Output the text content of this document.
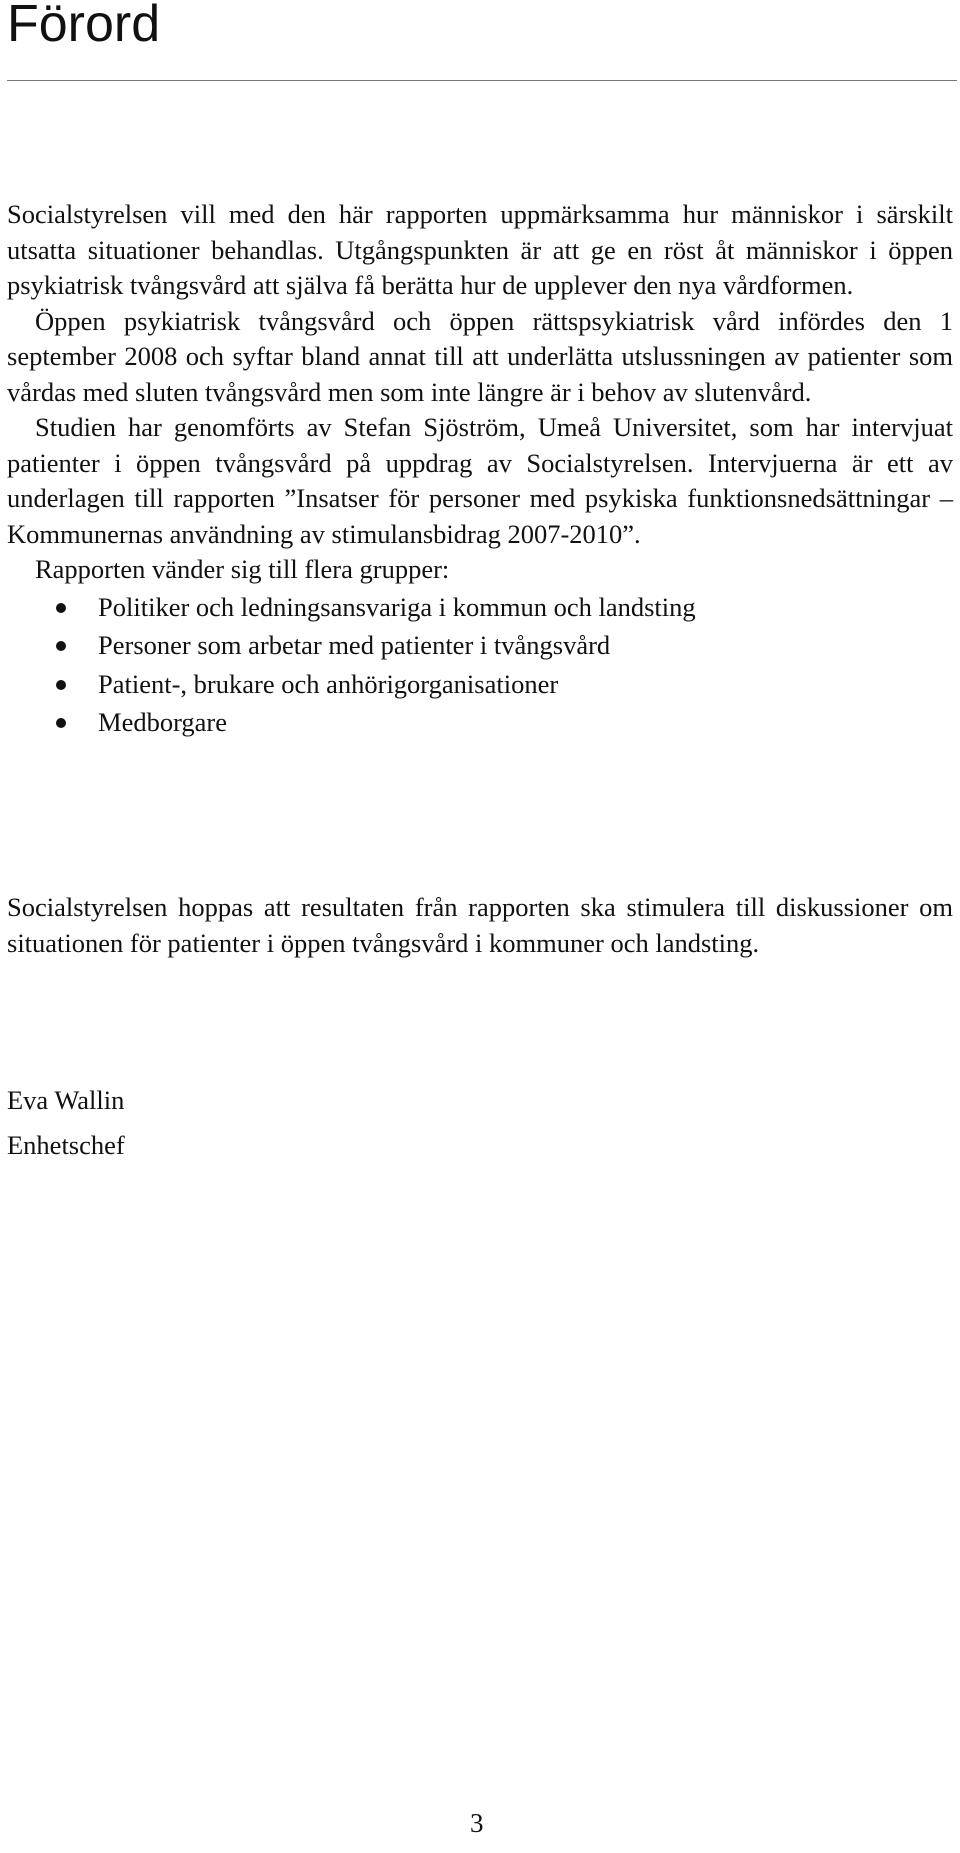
Förord

Socialstyrelsen vill med den här rapporten uppmärksamma hur människor i särskilt utsatta situationer behandlas. Utgångspunkten är att ge en röst åt människor i öppen psykiatrisk tvångsvård att själva få berätta hur de upplever den nya vårdformen.

Öppen psykiatrisk tvångsvård och öppen rättspsykiatrisk vård infördes den 1 september 2008 och syftar bland annat till att underlätta utslussningen av patienter som vårdas med sluten tvångsvård men som inte längre är i behov av slutenvård.

Studien har genomförts av Stefan Sjöström, Umeå Universitet, som har intervjuat patienter i öppen tvångsvård på uppdrag av Socialstyrelsen. Intervjuerna är ett av underlagen till rapporten ”Insatser för personer med psykiska funktionsnedsättningar – Kommunernas användning av stimulansbidrag 2007-2010”.

Rapporten vänder sig till flera grupper:

Politiker och ledningsansvariga i kommun och landsting
Personer som arbetar med patienter i tvångsvård
Patient-, brukare och anhörigorganisationer
Medborgare

Socialstyrelsen hoppas att resultaten från rapporten ska stimulera till diskussioner om situationen för patienter i öppen tvångsvård i kommuner och landsting.

Eva Wallin
Enhetschef
3
